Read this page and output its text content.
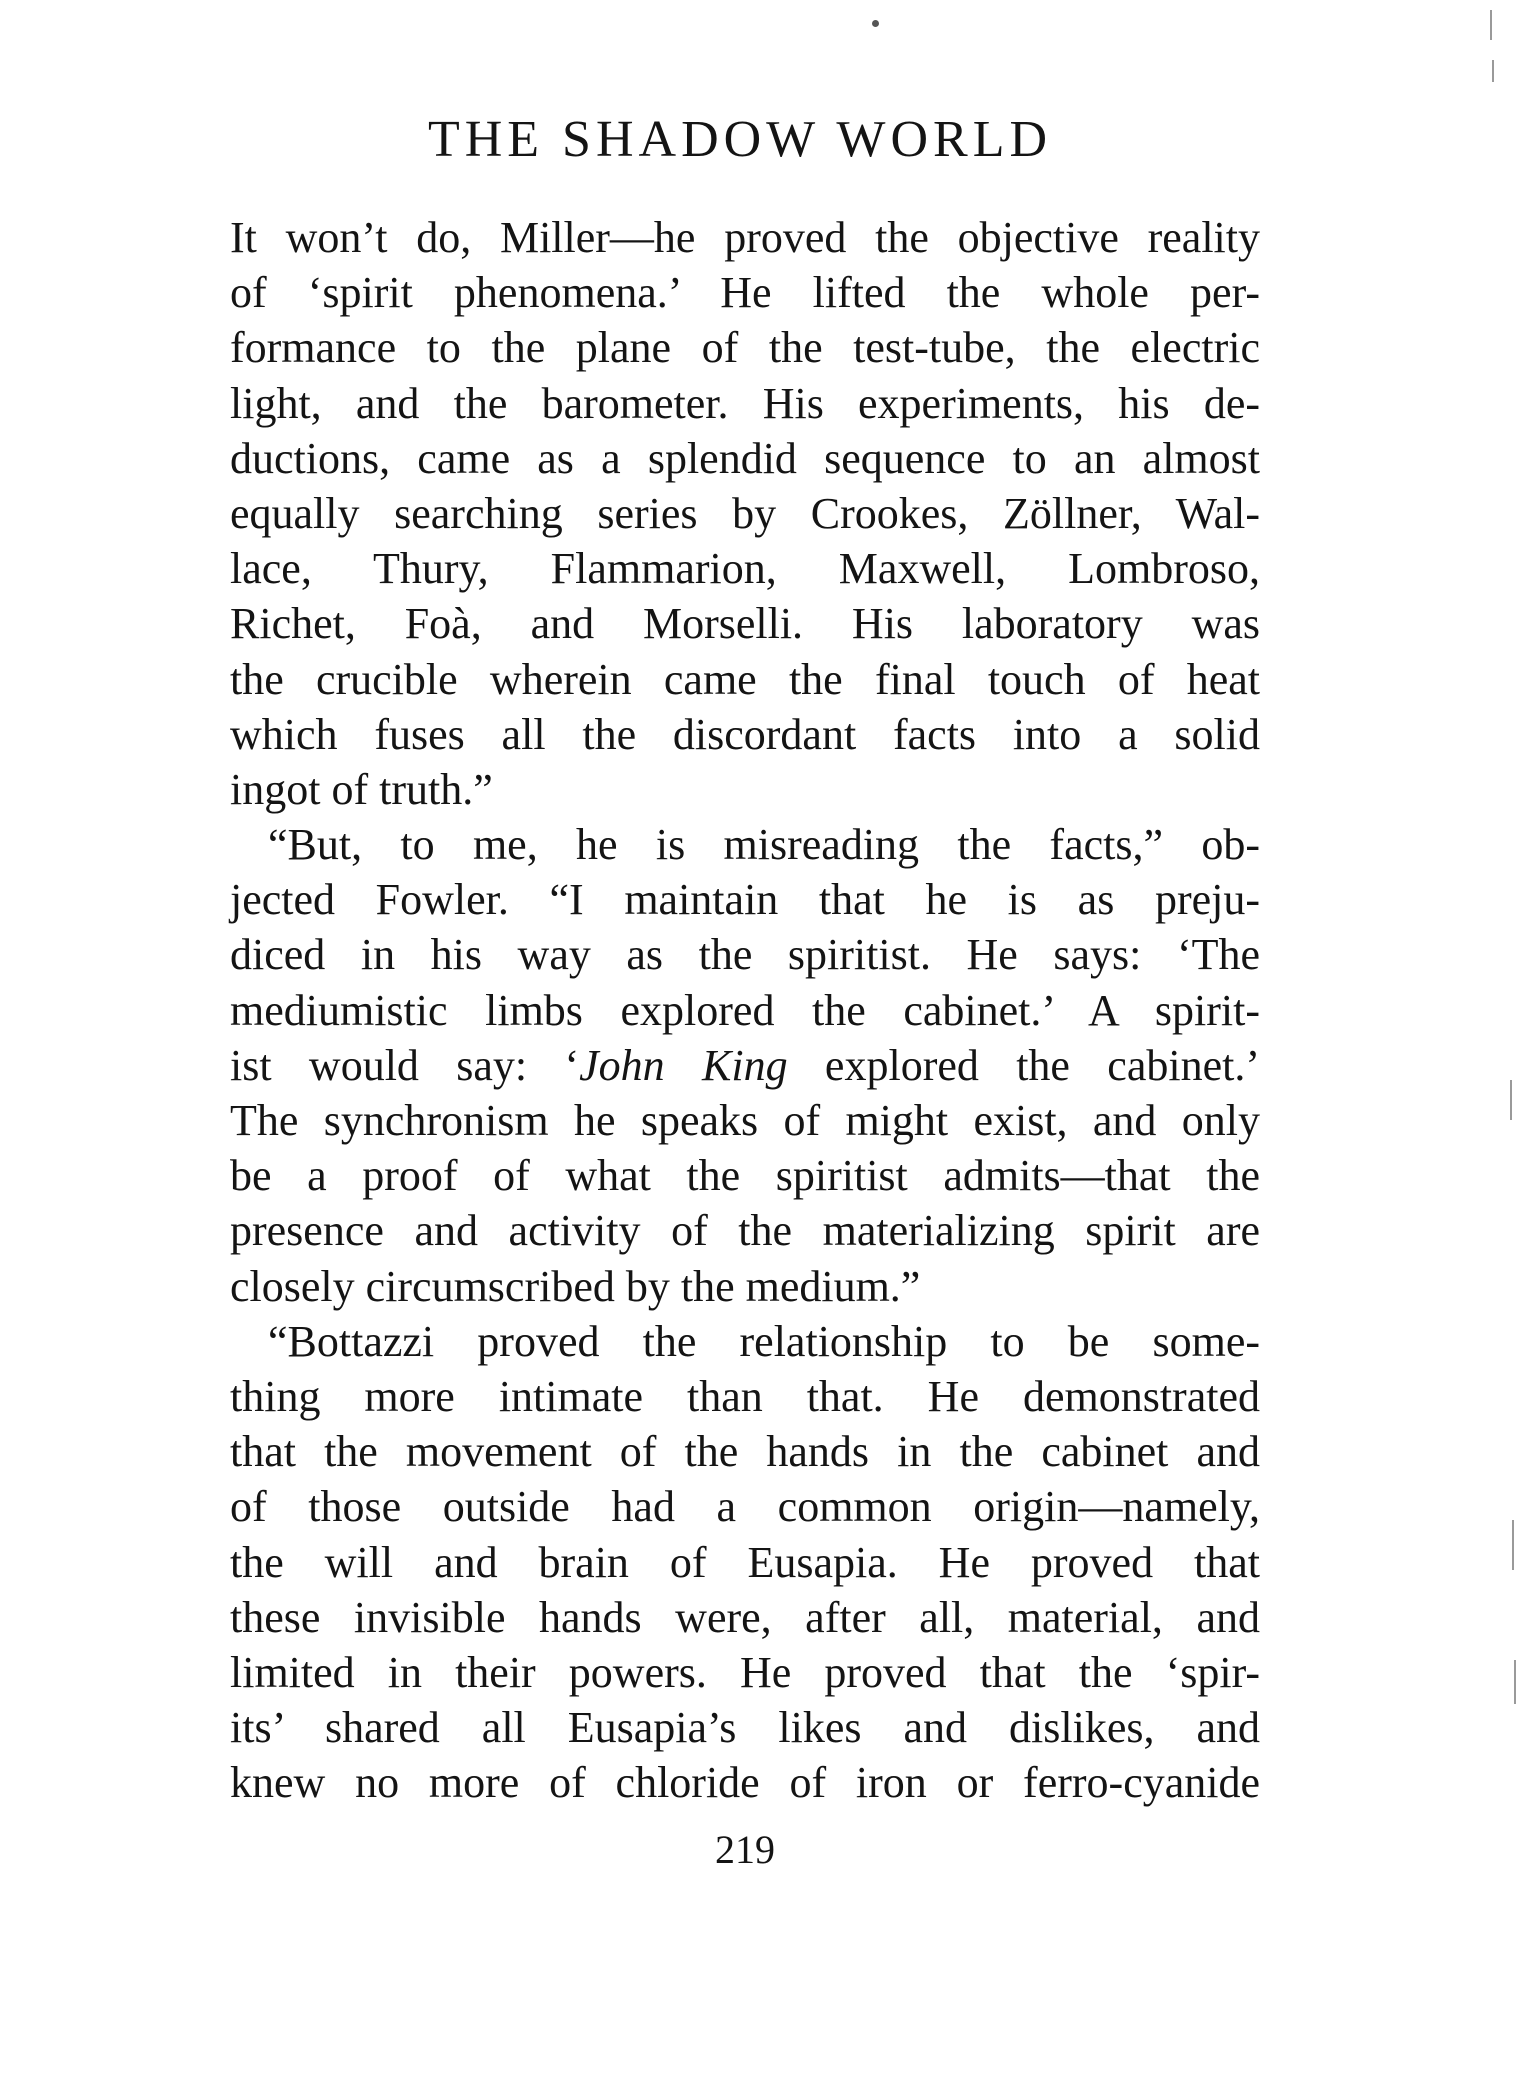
THE SHADOW WORLD
It won’t do, Miller—he proved the objective reality
of ‘spirit phenomena.’ He lifted the whole per-
formance to the plane of the test-tube, the electric
light, and the barometer. His experiments, his de-
ductions, came as a splendid sequence to an almost
equally searching series by Crookes, Zöllner, Wal-
lace, Thury, Flammarion, Maxwell, Lombroso,
Richet, Foà, and Morselli. His laboratory was
the crucible wherein came the final touch of heat
which fuses all the discordant facts into a solid
ingot of truth.”
“But, to me, he is misreading the facts,” ob-
jected Fowler. “I maintain that he is as preju-
diced in his way as the spiritist. He says: ‘The
mediumistic limbs explored the cabinet.’ A spirit-
ist would say: ‘John King explored the cabinet.’
The synchronism he speaks of might exist, and only
be a proof of what the spiritist admits—that the
presence and activity of the materializing spirit are
closely circumscribed by the medium.”
“Bottazzi proved the relationship to be some-
thing more intimate than that. He demonstrated
that the movement of the hands in the cabinet and
of those outside had a common origin—namely,
the will and brain of Eusapia. He proved that
these invisible hands were, after all, material, and
limited in their powers. He proved that the ‘spir-
its’ shared all Eusapia’s likes and dislikes, and
knew no more of chloride of iron or ferro-cyanide
219
